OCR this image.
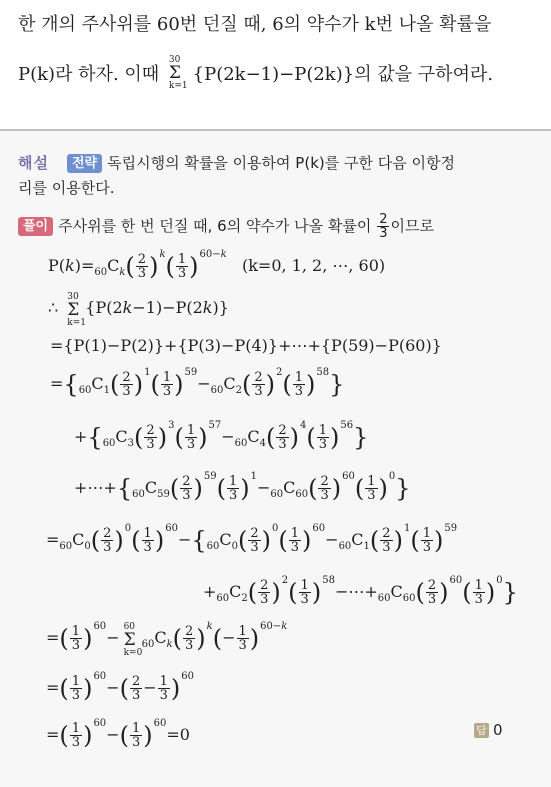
한 개의 주사위를 60번 던질 때, 6의 약수가 k번 나올 확률을
P(k)라 하자. 이때
30
Σ
k=1
{P(2k−1)−P(2k)}의 값을 구하여라.
해설 전략 독립시행의 확률을 이용하여 P(k)를 구한 다음 이항정
리를 이용한다.
풀이 주사위를 한 번 던질 때, 6의 약수가 나올 확률이 $\frac{2}{3}$ 이므로
$P(k)=_{60}C_k( \frac{2}{3} )^k( \frac{1}{3} )^{60-k}$   (k=0, 1, 2, ⋯, 60)
∴
30
Σ
k=1
{P(2k−1)−P(2k)}
={P(1)−P(2)}+{P(3)−P(4)}+⋯+{P(59)−P(60)}
$=\{_{60}C_1( \frac{2}{3} )^1( \frac{1}{3} )^{59}-_{60}C_2( \frac{2}{3} )^2( \frac{1}{3} )^{58}\}$
$+\{_{60}C_3( \frac{2}{3} )^3( \frac{1}{3} )^{57}-_{60}C_4( \frac{2}{3} )^4( \frac{1}{3} )^{56}\}$
$+\cdots+\{_{60}C_{59}( \frac{2}{3} )^{59}( \frac{1}{3} )^1-_{60}C_{60}( \frac{2}{3} )^{60}( \frac{1}{3} )^0\}$
$=_{60}C_0( \frac{2}{3} )^0( \frac{1}{3} )^{60}-\{_{60}C_0( \frac{2}{3} )^0( \frac{1}{3} )^{60}-_{60}C_1( \frac{2}{3} )^1( \frac{1}{3} )^{59}$
$+_{60}C_2( \frac{2}{3} )^2( \frac{1}{3}$ )$^{58}-\cdots+_{60}C_{60}( \frac{2}{3} )^{60}( \frac{1}{3} )^0$}
=( $\frac{1}{3} )^{60}-$
60
Σ
k=0
$_{60}C_k( \frac{2}{3} )^k(- \frac{1}{3} )^{60-k}$
=( $\frac{1}{3} )^{60}-( \frac{2}{3} - \frac{1}{3} )^{60}$
=( $\frac{1}{3} )^{60}-( \frac{1}{3} )^{60}=0$	답 0
